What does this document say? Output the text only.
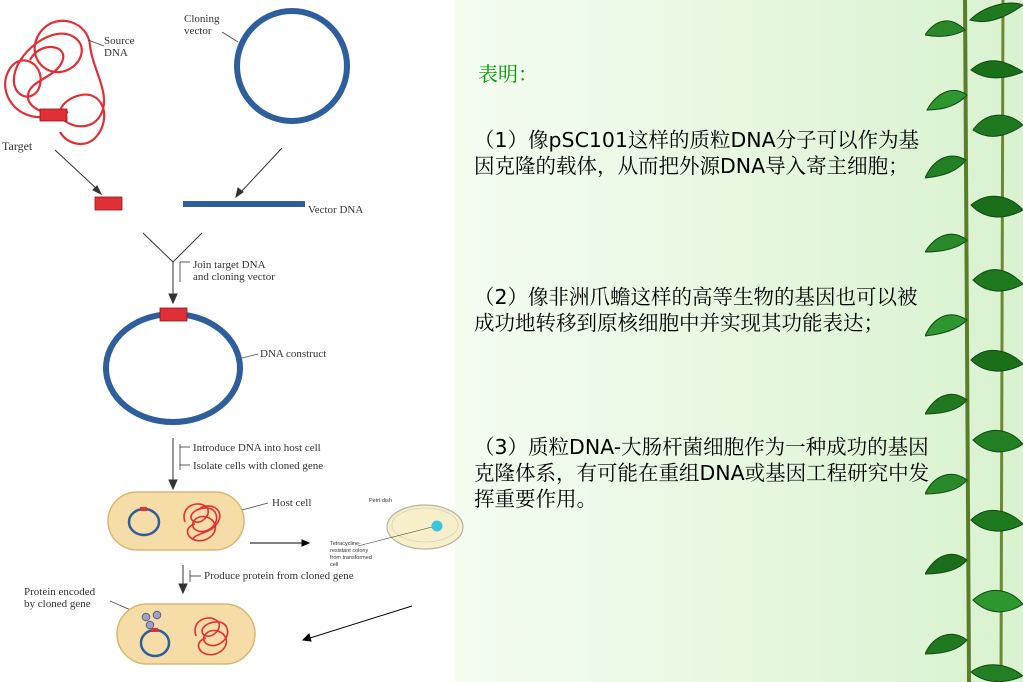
Source
DNA
Target
Cloning
vector
Vector DNA
Join target DNA
and cloning vector
DNA construct
Introduce DNA into host cell
Isolate cells with cloned gene
Host cell	Petri dish
Tetracycline-
resistant colony
from transformed
cell
Produce protein from cloned gene
Protein encoded
by cloned gene

表明：

（1）像pSC101这样的质粒DNA分子可以作为基因克隆的载体，从而把外源DNA导入寄主细胞；

（2）像非洲爪蟾这样的高等生物的基因也可以被成功地转移到原核细胞中并实现其功能表达；

（3）质粒DNA-大肠杆菌细胞作为一种成功的基因克隆体系，有可能在重组DNA或基因工程研究中发挥重要作用。
